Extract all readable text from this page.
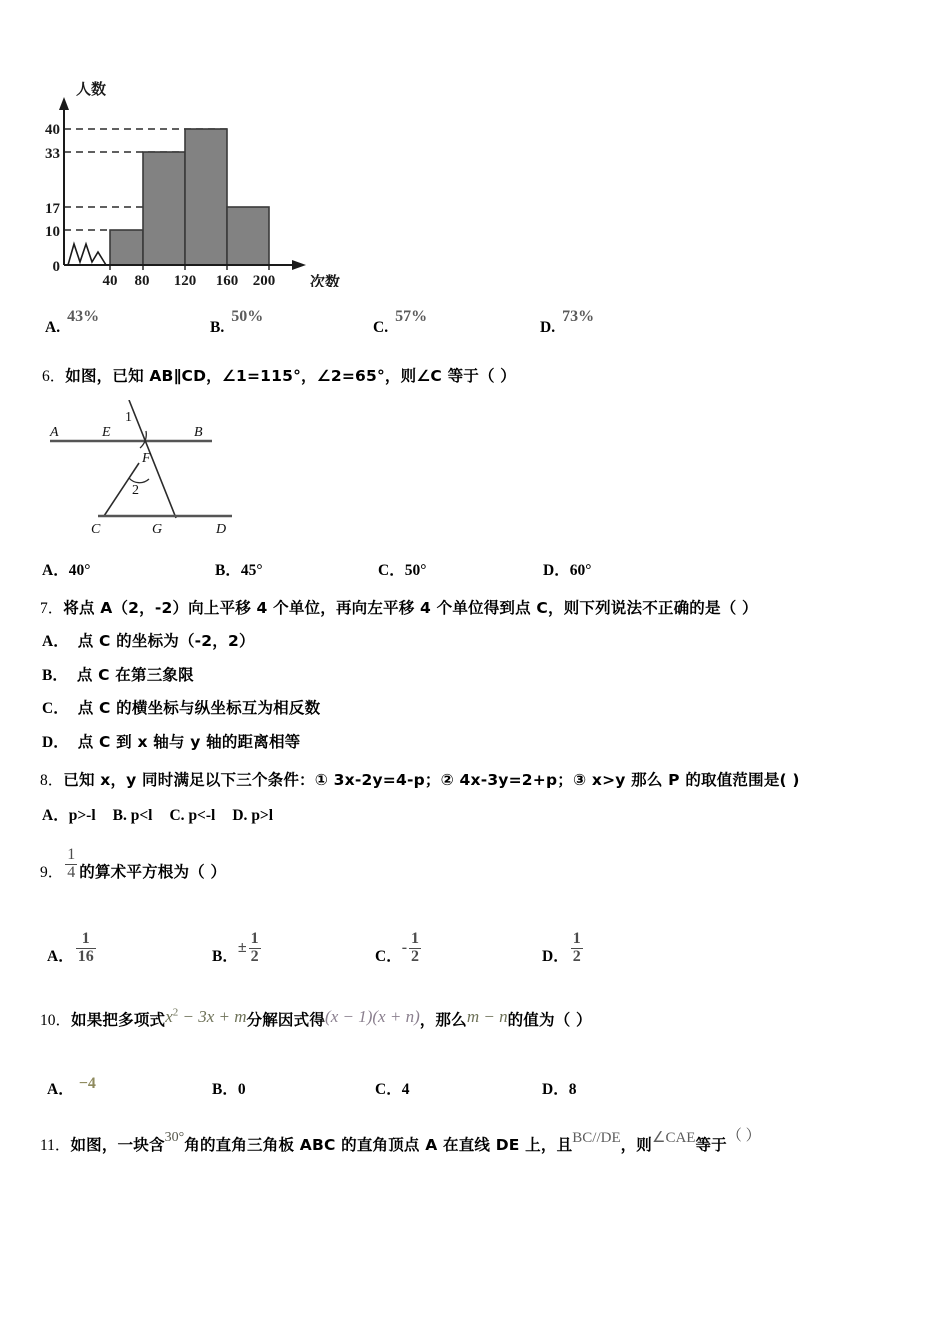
40
33
17
10
0
40 80 120 160 200
人数
次数
A.43%
B.50%
C.57%
D.73%
6．如图，已知 AB∥CD，∠1=115°，∠2=65°，则∠C 等于（ ）
A	E	B
1
F
2
C	G	D
A．40°	B．45°	C．50°	D．60°
7．将点 A（2，-2）向上平移 4 个单位，再向左平移 4 个单位得到点 C，则下列说法不正确的是（ ）
A． 点 C 的坐标为（-2，2）
B． 点 C 在第三象限
C． 点 C 的横坐标与纵坐标互为相反数
D． 点 C 到 x 轴与 y 轴的距离相等
8．已知 x，y 同时满足以下三个条件：① 3x-2y=4-p；② 4x-3y=2+p；③ x>y 那么 P 的取值范围是( )
A．p>-l B. p<l C. p<-l D. p>l
9． $\frac{1}{4}$ 的算术平方根为（ ）
A． $\frac{1}{16}$	B．± $\frac{1}{2}$	C．- $\frac{1}{2}$	D． $\frac{1}{2}$
10．如果把多项式$x^2 - 3x + m$分解因式得(x − 1)(x + n)，那么m − n的值为（ ）
A． −4	B．0	C．4	D．8
11．如图，一块含30°角的直角三角板 ABC 的直角顶点 A 在直线 DE 上，且BC//DE，则∠CAE等于（ ）
